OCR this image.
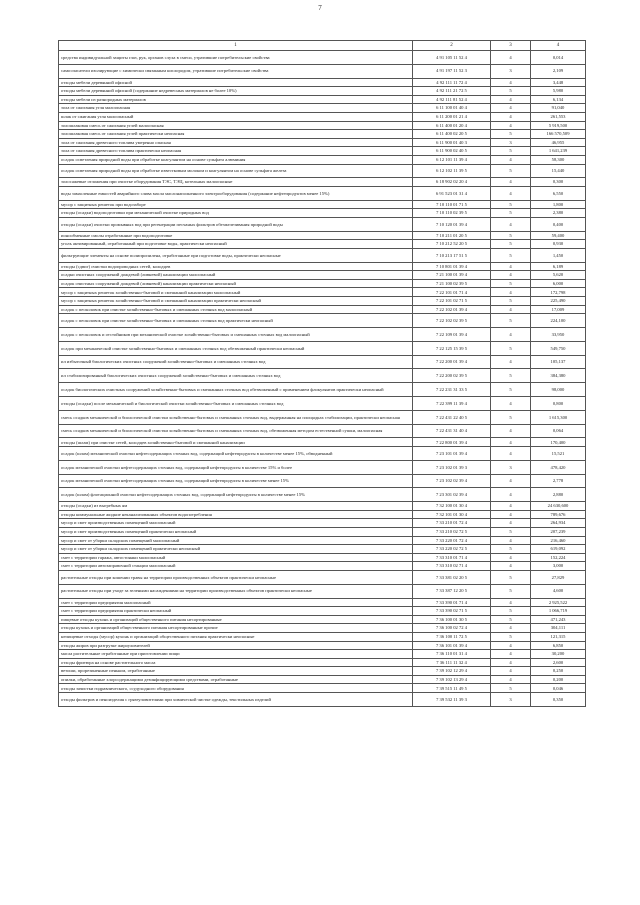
7
1	2	3	4
средства индивидуальной защиты глаз, рук, органов слуха в смеси, утратившие потребительские свойства	4 91 105 11 52 4	4	0,014
самоспасатели изолирующие с химически связанным кислородом, утратившие потребительские свойства	4 91 197 11 52 3	3	2,109
отходы мебели деревянной офисной	4 92 111 11 72 4	4	3,448
отходы мебели деревянной офисной (содержание недревесных материалов не более 10%)	4 92 111 21 72 5	5	5,980
отходы мебели из разнородных материалов	4 92 111 81 52 4	4	6,134
зола от сжигания угля малоопасная	6 11 100 01 40 4	4	91,040
шлак от сжигания угля малоопасный	6 11 200 01 21 4	4	261,553
золошлаковая смесь от сжигания углей малоопасная	6 11 400 01 20 4	4	5 919,500
золошлаковая смесь от сжигания углей практически неопасная	6 11 400 02 20 5	5	166 570,509
зола от сжигания древесного топлива умеренно опасная	6 11 900 01 40 3	3	46,955
зола от сжигания древесного топлива практически неопасная	6 11 900 02 40 5	5	1 641,239
осадок осветления природной воды при обработке коагулянтом на основе сульфата алюминия	6 12 101 11 39 4	4	58,300
осадок осветления природной воды при обработке известковым молоком и коагулянтом на основе сульфата железа	6 12 102 11 39 5	5	15,440
золосажевые отложения при очистке оборудования ТЭС, ТЭЦ, котельных малоопасные	6 18 902 02 20 4	4	0,300
воды замасленные емкостей аварийного слива масла маслонаполненного электрооборудования (содержание нефтепродуктов менее 15%)	6 91 523 01 31 4	4	6,550
мусор с защитных решеток при водозаборе	7 10 110 01 71 5	5	1,800
отходы (осадки) водоподготовки при механической очистке природных вод	7 10 110 02 39 5	5	2,380
отходы (осадки) очистки промывных вод при регенерации песчаных фильтров обезжелезивания природной воды	7 10 120 01 39 4	4	0,400
ионообменные смолы отработанные при водоподготовке	7 10 211 01 20 5	5	59,400
уголь активированный, отработанный при подготовке воды, практически неопасный	7 10 212 52 20 5	5	0,930
фильтрующие элементы на основе полипропилена, отработанные при подготовке воды, практически неопасные	7 10 213 17 51 5	5	1,450
отходы (сдвиг) очистки водопроводных сетей, колодцев	7 10 801 01 39 4	4	6,189
осадки очистных сооружений дождевой (ливневой) канализации малоопасный	7 21 100 01 39 4	4	5,620
осадок очистных сооружений дождевой (ливневой) канализации практически неопасный	7 21 100 02 39 5	5	6,000
мусор с защитных решеток хозяйственно-бытовой и смешанной канализации малоопасный	7 22 101 01 71 4	4	172,798
мусор с защитных решеток хозяйственно-бытовой и смешанной канализации практически неопасный	7 22 101 02 71 5	5	225,490
осадок с песколовок при очистке хозяйственно-бытовых и смешанных сточных вод малоопасный	7 22 102 01 39 4	4	17,009
осадок с песколовок при очистке хозяйственно-бытовых и смешанных сточных вод практически неопасный	7 22 102 02 39 5	5	224,100
осадок с песколовок и отстойников при механической очистке хозяйственно-бытовых и смешанных сточных вод малоопасный	7 22 109 01 39 4	4	33,950
осадок при механической очистке хозяйственно-бытовых и смешанных сточных вод обезвоженный практически неопасный	7 22 125 15 39 5	5	549,750
ил избыточный биологических очистных сооружений хозяйственно-бытовых и смешанных сточных вод	7 22 200 01 39 4	4	105,137
ил стабилизированный биологических очистных сооружений хозяйственно-бытовых и смешанных сточных вод	7 22 200 02 39 5	5	384,380
осадок биологических очистных сооружений хозяйственно-бытовых и смешанных сточных вод обезвоженный с применением флокулянтов практически неопасный	7 22 231 31 33 5	5	98,000
отходы (осадки) после механической и биологической очистки хозяйственно-бытовых и смешанных сточных вод	7 22 399 11 39 4	4	0,800
смесь осадков механической и биологической очистки хозяйственно-бытовых и смешанных сточных вод, выдержанная на площадках стабилизации, практически неопасная	7 22 431 22 40 5	5	1 615,300
смесь осадков механической и биологической очистки хозяйственно-бытовых и смешанных сточных вод, обезвоженная методом естественной сушки, малоопасная	7 22 431 31 40 4	4	0,064
отходы (шлам) при очистке сетей, колодцев хозяйственно-бытовой и смешанной канализации	7 22 800 01 39 4	4	170,400
осадок (шлам) механической очистки нефтесодержащих сточных вод, содержащий нефтепродукты в количестве менее 15%, обводненный	7 23 101 01 39 4	4	15,521
осадок механической очистки нефтесодержащих сточных вод, содержащий нефтепродукты в количестве 15% и более	7 23 102 01 39 3	3	478,420
осадок механической очистки нефтесодержащих сточных вод, содержащий нефтепродукты в количестве менее 15%	7 23 102 02 39 4	4	2,778
осадок (шлам) флотационной очистки нефтесодержащих сточных вод, содержащий нефтепродукты в количестве менее 15%	7 23 301 02 39 4	4	2,880
отходы (осадки) из выгребных ям	7 32 100 01 30 4	4	24 630,600
отходы коммунальные жидкие неканализованных объектов водопотребления	7 32 101 01 30 4	4	789,676
мусор и смет производственных помещений малоопасный	7 33 210 01 72 4	4	264,934
мусор и смет производственных помещений практически неопасный	7 33 210 02 72 5	5	207,239
мусор и смет от уборки складских помещений малоопасный	7 33 220 01 72 4	4	216,460
мусор и смет от уборки складских помещений практически неопасный	7 33 220 02 72 5	5	619,092
смет с территории гаража, автостоянки малоопасный	7 33 310 01 71 4	4	152,224
смет с территории автозаправочной станции малоопасный	7 33 310 02 71 4	4	3,000
растительные отходы при кошении травы на территории производственных объектов практически неопасные	7 33 381 02 20 5	5	27,829
растительные отходы при уходе за зелеными насаждениями на территории производственных объектов практически неопасные	7 33 387 12 20 5	5	4,600
смет с территории предприятия малоопасный	7 33 390 01 71 4	4	2 925,522
смет с территории предприятия практически неопасный	7 33 390 02 71 5	5	1 066,719
пищевые отходы кухонь и организаций общественного питания несортированные	7 36 100 01 30 5	5	471,243
отходы кухонь и организаций общественного питания несортированные прочие	7 36 100 02 72 4	4	304,111
непищевые отходы (мусор) кухонь и организаций общественного питания практически неопасные	7 36 100 11 72 5	5	121,315
отходы жиров при разгрузке жироуловителей	7 36 101 01 39 4	4	6,850
масла растительные отработанные при приготовлении пищи	7 36 110 01 31 4	4	30,200
отходы фритюра на основе растительного масла	7 36 111 11 32 4	4	2,600
ветоши, прорезиненные пеньком, отработанные	7 39 102 12 29 4	4	0,250
опилки, обработанные хлорсодержащими дезинфицирующими средствами, отработанные	7 39 102 13 29 4	4	0,200
отходы зачистки гидравлического, ссудуходного оборудования	7 39 515 11 49 5	5	0,046
отходы фильтров и пеноизделия с грязеуловителями при химической чистке одежды, текстильных изделий	7 39 532 11 39 3	3	0,350
